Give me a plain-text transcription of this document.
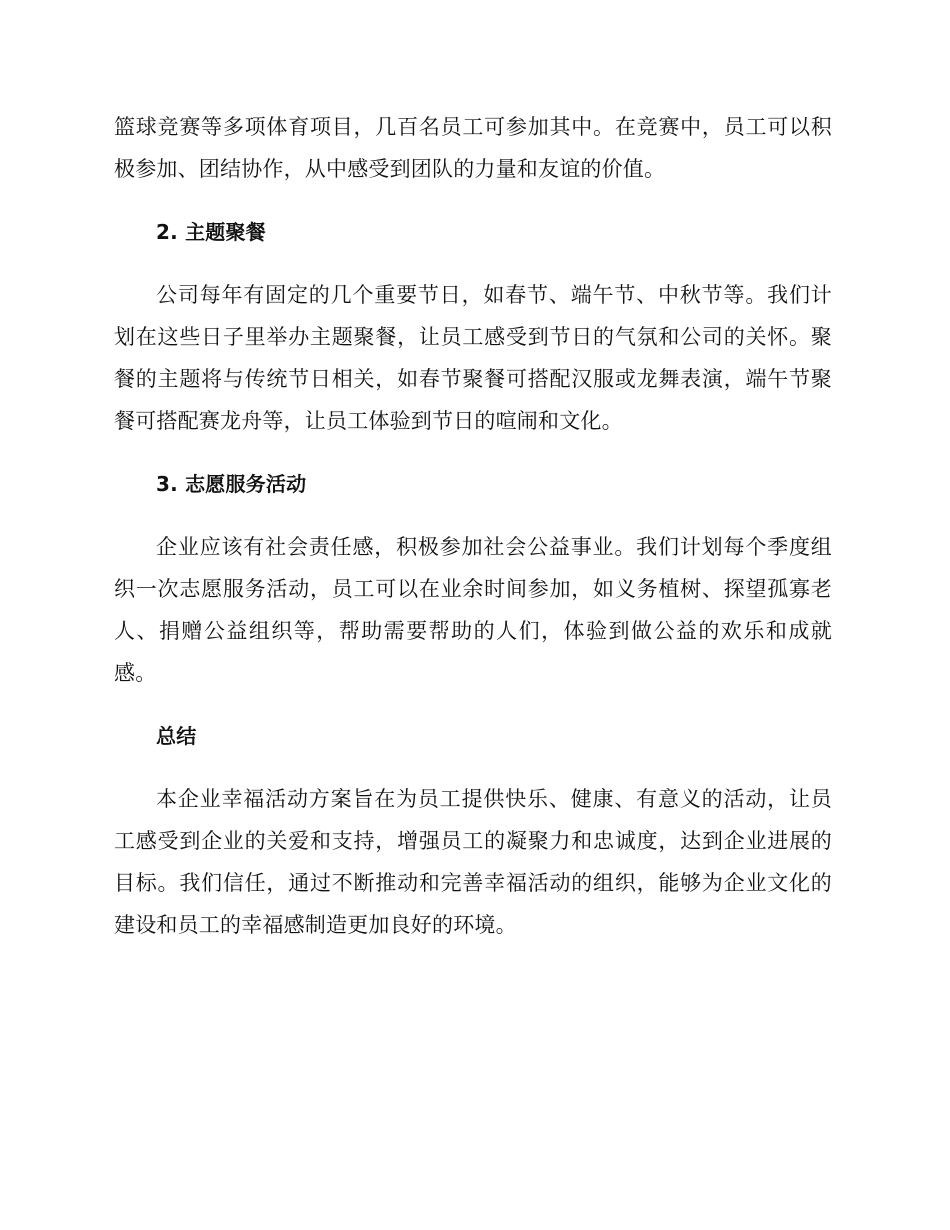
篮球竞赛等多项体育项目，几百名员工可参加其中。在竞赛中，员工可以积极参加、团结协作，从中感受到团队的力量和友谊的价值。

2. 主题聚餐

公司每年有固定的几个重要节日，如春节、端午节、中秋节等。我们计划在这些日子里举办主题聚餐，让员工感受到节日的气氛和公司的关怀。聚餐的主题将与传统节日相关，如春节聚餐可搭配汉服或龙舞表演，端午节聚餐可搭配赛龙舟等，让员工体验到节日的喧闹和文化。

3. 志愿服务活动

企业应该有社会责任感，积极参加社会公益事业。我们计划每个季度组织一次志愿服务活动，员工可以在业余时间参加，如义务植树、探望孤寡老人、捐赠公益组织等，帮助需要帮助的人们，体验到做公益的欢乐和成就感。

总结

本企业幸福活动方案旨在为员工提供快乐、健康、有意义的活动，让员工感受到企业的关爱和支持，增强员工的凝聚力和忠诚度，达到企业进展的目标。我们信任，通过不断推动和完善幸福活动的组织，能够为企业文化的建设和员工的幸福感制造更加良好的环境。
